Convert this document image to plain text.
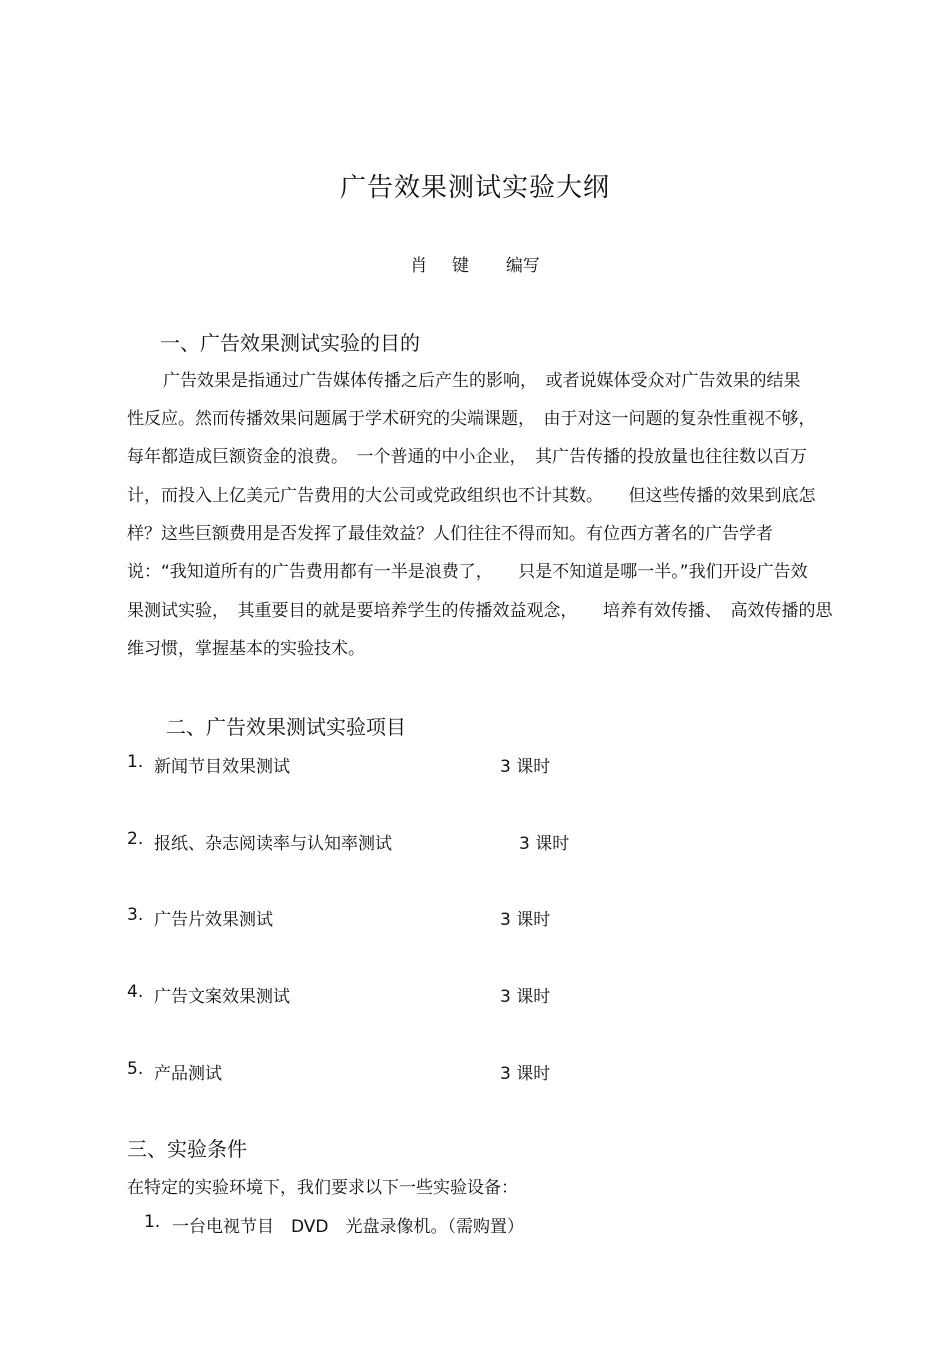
广告效果测试实验大纲
肖 键 编写
一、广告效果测试实验的目的
广告效果是指通过广告媒体传播之后产生的影响，　或者说媒体受众对广告效果的结果
性反应。然而传播效果问题属于学术研究的尖端课题，　由于对这一问题的复杂性重视不够，
每年都造成巨额资金的浪费。　一个普通的中小企业，　其广告传播的投放量也往往数以百万
计，而投入上亿美元广告费用的大公司或党政组织也不计其数。　　但这些传播的效果到底怎
样？这些巨额费用是否发挥了最佳效益？人们往往不得而知。有位西方著名的广告学者
说：“我知道所有的广告费用都有一半是浪费了，　　只是不知道是哪一半。”我们开设广告效
果测试实验，　其重要目的就是要培养学生的传播效益观念，　　培养有效传播、　高效传播的思
维习惯，掌握基本的实验技术。
二、广告效果测试实验项目
1. 新闻节目效果测试	3 课时
2. 报纸、杂志阅读率与认知率测试	3 课时
3. 广告片效果测试	3 课时
4. 广告文案效果测试	3 课时
5. 产品测试	3 课时
三、实验条件
在特定的实验环境下，我们要求以下一些实验设备：
1. 一台电视节目　DVD　光盘录像机。（需购置）
